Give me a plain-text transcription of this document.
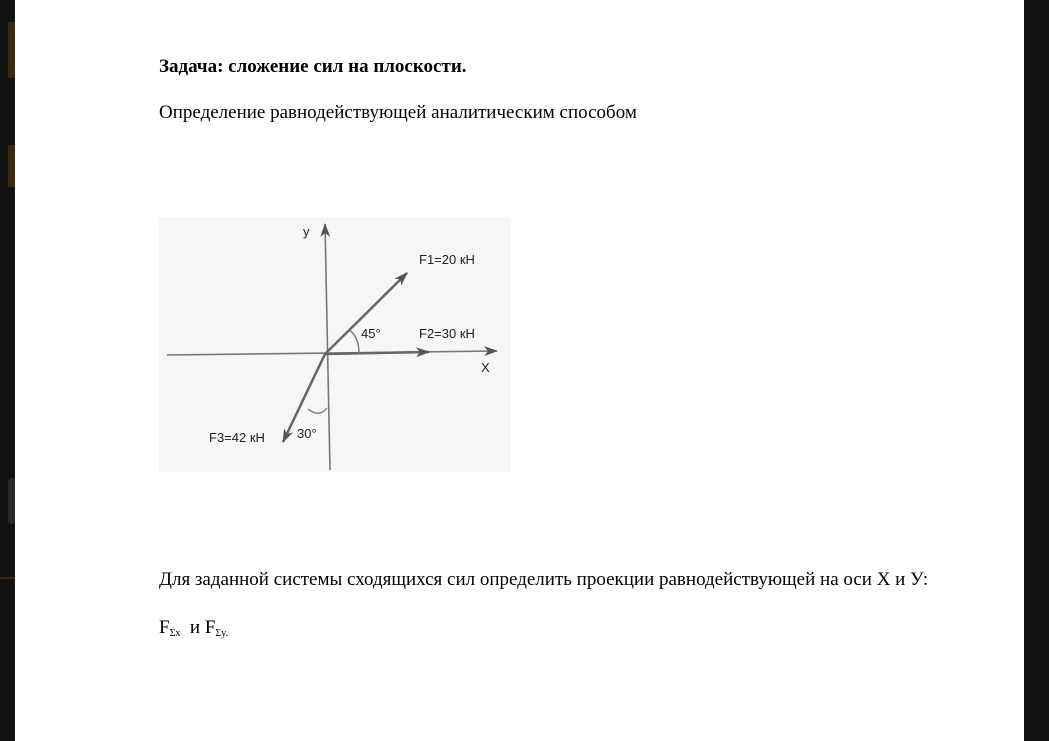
Задача: сложение сил на плоскости.
Определение равнодействующей аналитическим способом
у
Х
F1=20 кН
F2=30 кН
F3=42 кН
45°
30°
Для заданной системы сходящихся сил определить проекции равнодействующей на оси Х и У:
$F_{\Sigma x}$ и $F_{\Sigma y.}$
